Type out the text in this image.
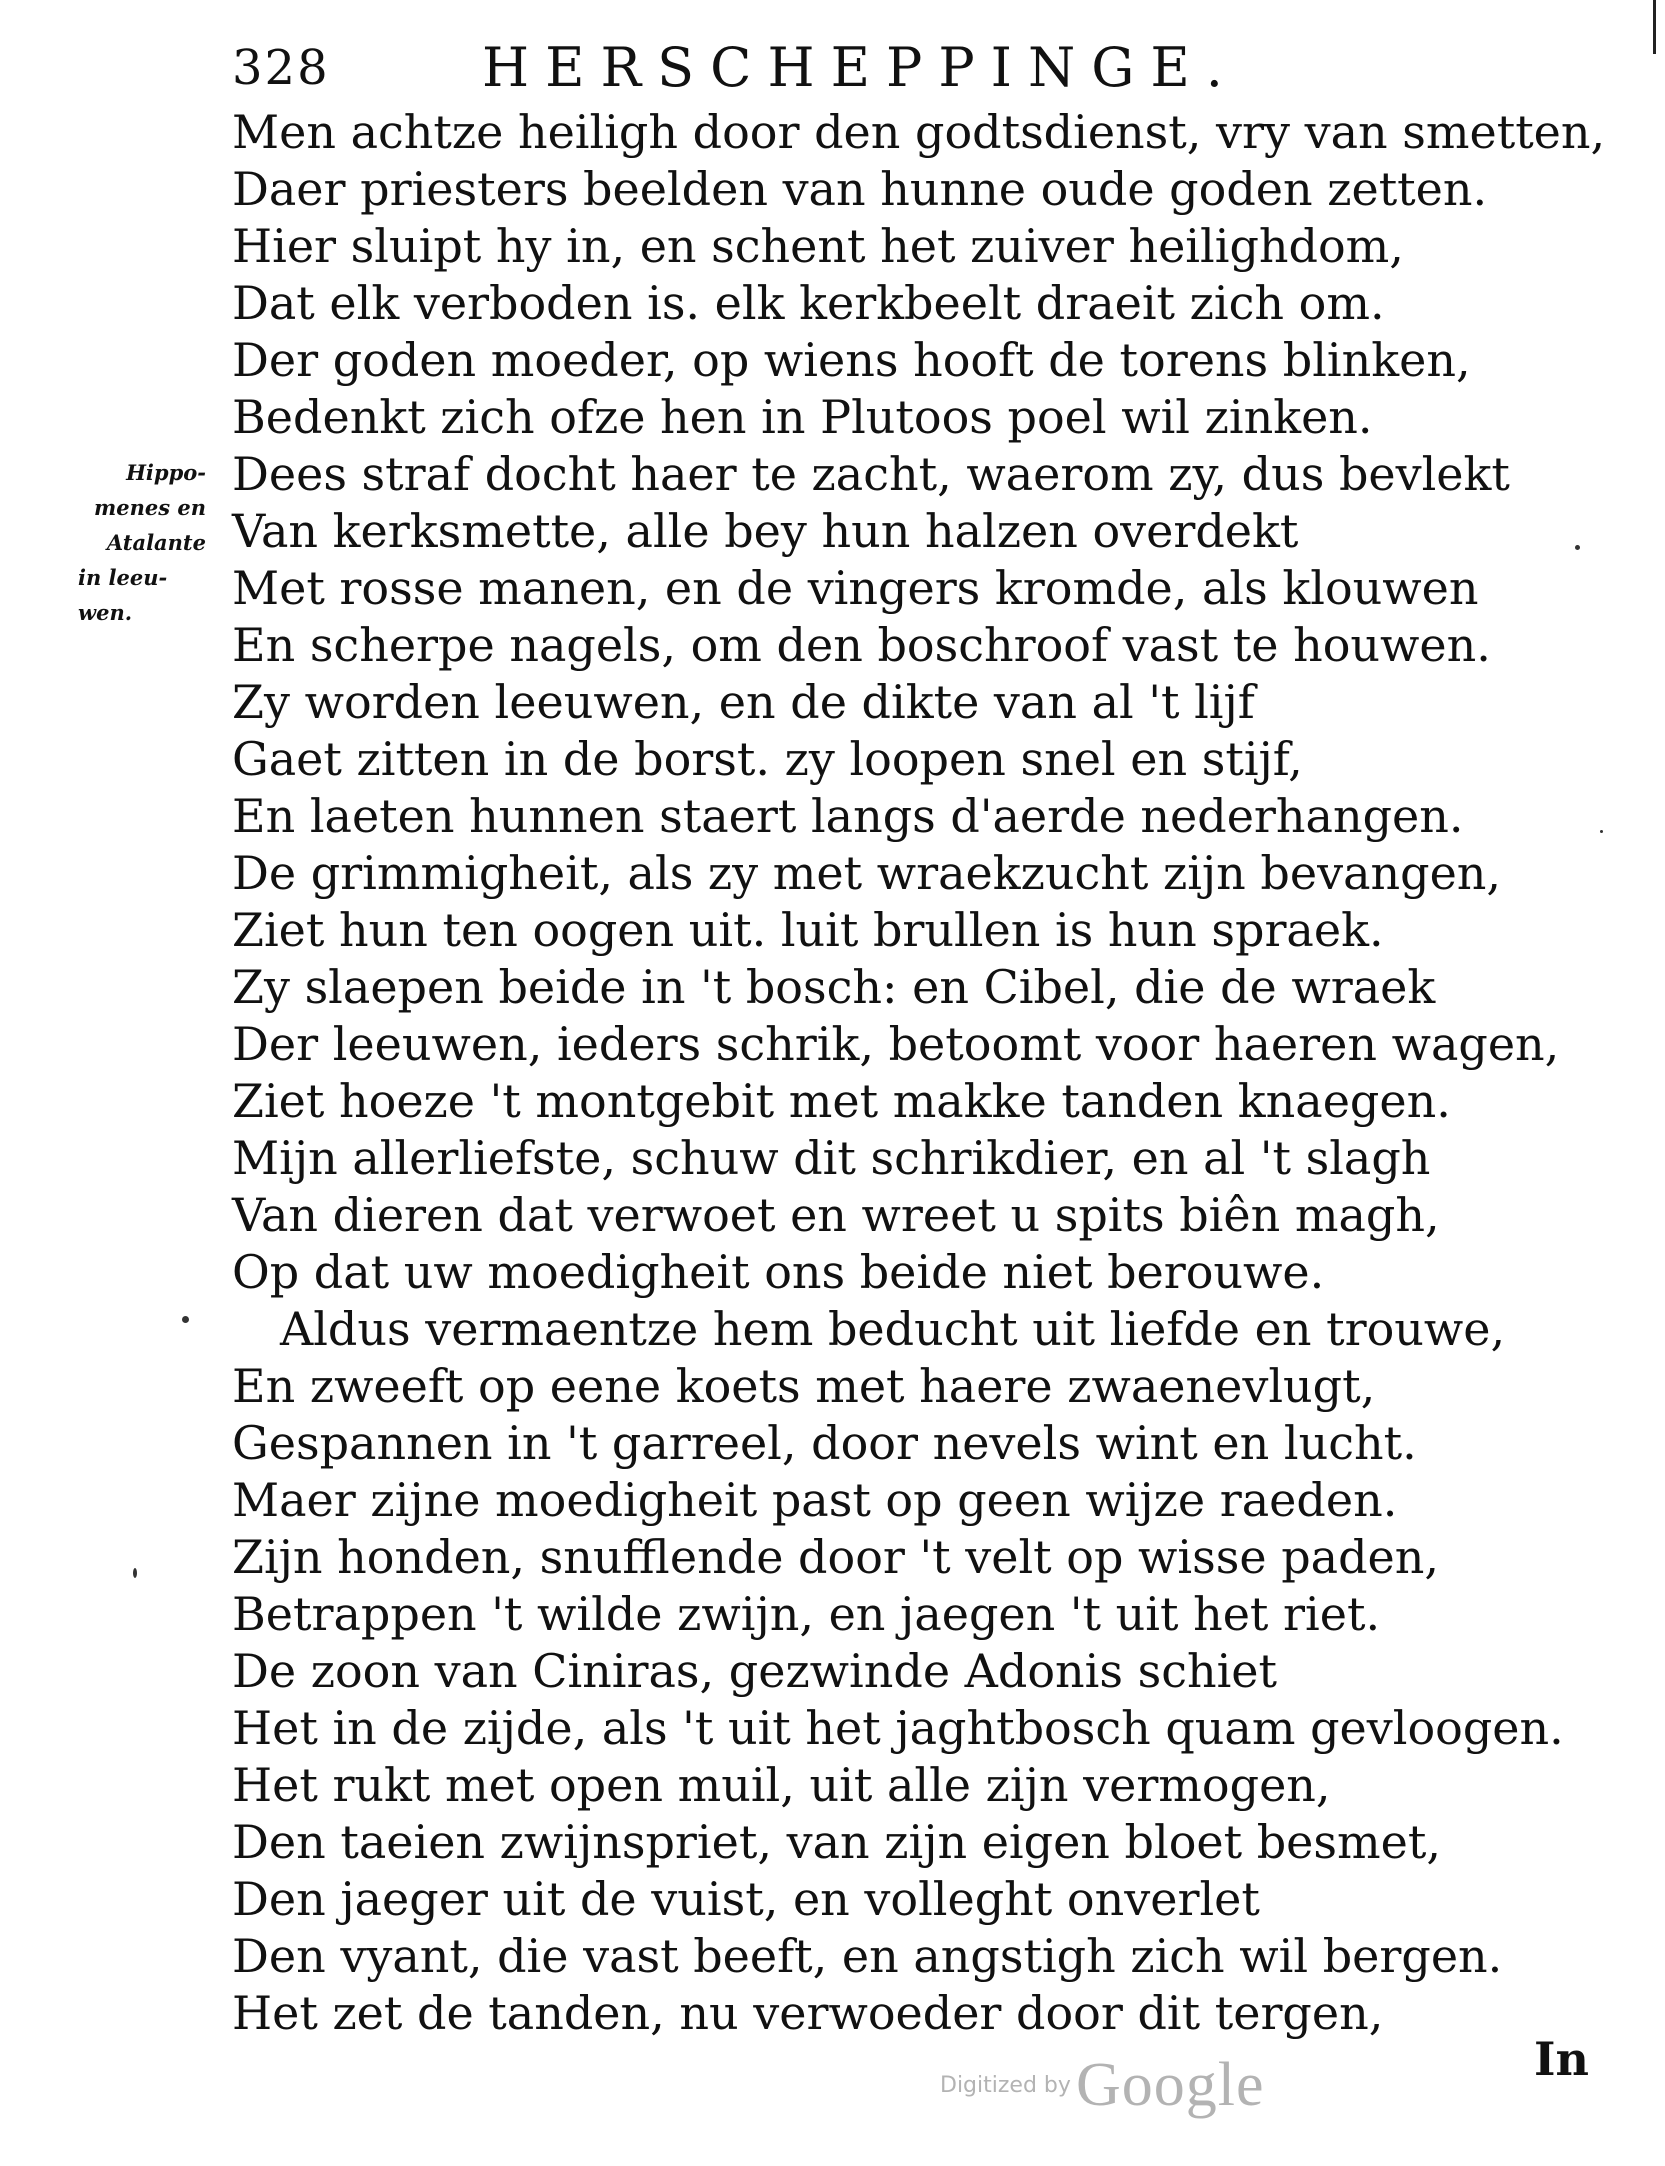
328	HERSCHEPPINGE.
Hippo-
menes en
Atalante
in leeu-
wen.
Men achtze heiligh door den godtsdienst, vry van smetten,
Daer priesters beelden van hunne oude goden zetten.
Hier sluipt hy in, en schent het zuiver heilighdom,
Dat elk verboden is. elk kerkbeelt draeit zich om.
Der goden moeder, op wiens hooft de torens blinken,
Bedenkt zich ofze hen in Plutoos poel wil zinken.
Dees straf docht haer te zacht, waerom zy, dus bevlekt
Van kerksmette, alle bey hun halzen overdekt
Met rosse manen, en de vingers kromde, als klouwen
En scherpe nagels, om den boschroof vast te houwen.
Zy worden leeuwen, en de dikte van al 't lijf
Gaet zitten in de borst. zy loopen snel en stijf,
En laeten hunnen staert langs d'aerde nederhangen.
De grimmigheit, als zy met wraekzucht zijn bevangen,
Ziet hun ten oogen uit. luit brullen is hun spraek.
Zy slaepen beide in 't bosch: en Cibel, die de wraek
Der leeuwen, ieders schrik, betoomt voor haeren wagen,
Ziet hoeze 't montgebit met makke tanden knaegen.
Mijn allerliefste, schuw dit schrikdier, en al 't slagh
Van dieren dat verwoet en wreet u spits biên magh,
Op dat uw moedigheit ons beide niet berouwe.
Aldus vermaentze hem beducht uit liefde en trouwe,
En zweeft op eene koets met haere zwaenevlugt,
Gespannen in 't garreel, door nevels wint en lucht.
Maer zijne moedigheit past op geen wijze raeden.
Zijn honden, snufflende door 't velt op wisse paden,
Betrappen 't wilde zwijn, en jaegen 't uit het riet.
De zoon van Ciniras, gezwinde Adonis schiet
Het in de zijde, als 't uit het jaghtbosch quam gevloogen.
Het rukt met open muil, uit alle zijn vermogen,
Den taeien zwijnspriet, van zijn eigen bloet besmet,
Den jaeger uit de vuist, en volleght onverlet
Den vyant, die vast beeft, en angstigh zich wil bergen.
Het zet de tanden, nu verwoeder door dit tergen,
In
Digitized by Google
